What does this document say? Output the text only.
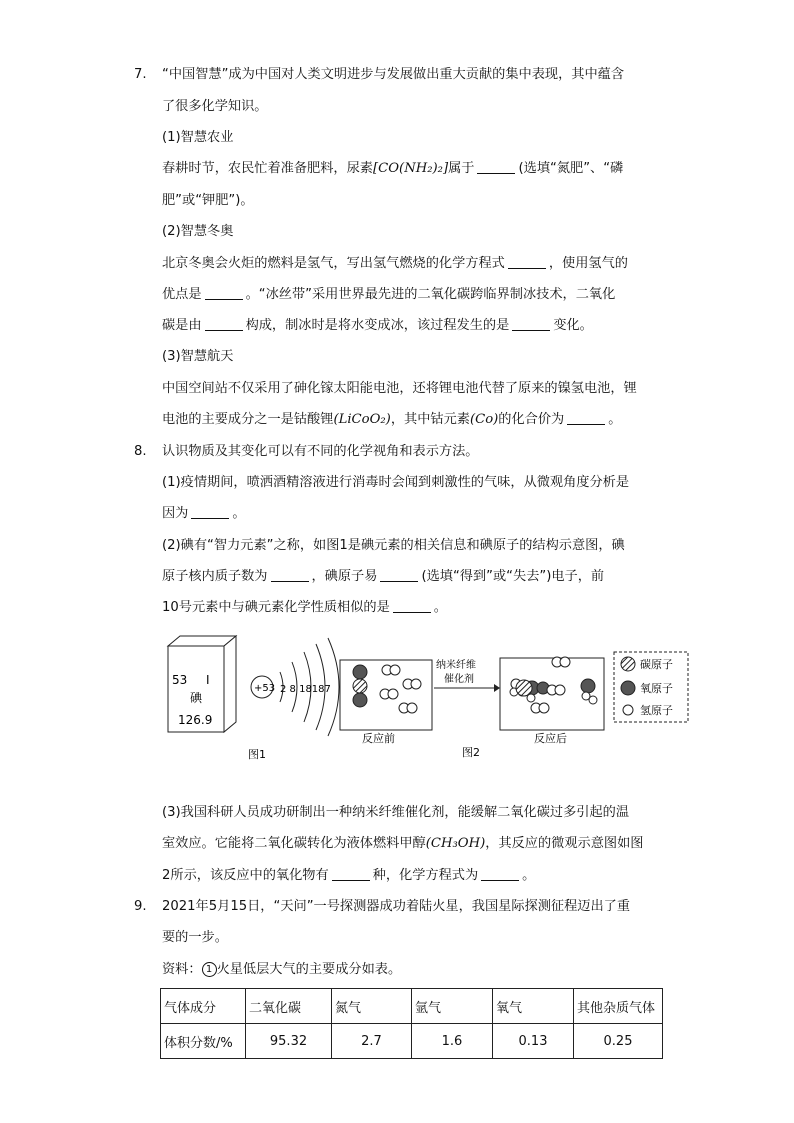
7. “中国智慧”成为中国对人类文明进步与发展做出重大贡献的集中表现，其中蕴含
了很多化学知识。
(1)智慧农业
春耕时节，农民忙着准备肥料，尿素[CO(NH₂)₂]属于	(选填“氮肥”、“磷
肥”或“钾肥”)。
(2)智慧冬奥
北京冬奥会火炬的燃料是氢气，写出氢气燃烧的化学方程式	，使用氢气的
优点是	。“冰丝带”采用世界最先进的二氧化碳跨临界制冰技术，二氧化
碳是由	构成，制冰时是将水变成冰，该过程发生的是	变化。
(3)智慧航天
中国空间站不仅采用了砷化镓太阳能电池，还将锂电池代替了原来的镍氢电池，锂
电池的主要成分之一是钴酸锂(LiCoO₂)，其中钴元素(Co)的化合价为	。
8. 认识物质及其变化可以有不同的化学视角和表示方法。
(1)疫情期间，喷洒酒精溶液进行消毒时会闻到刺激性的气味，从微观角度分析是
因为	。
(2)碘有“智力元素”之称，如图1是碘元素的相关信息和碘原子的结构示意图，碘
原子核内质子数为	，碘原子易	(选填“得到”或“失去”)电子，前
10号元素中与碘元素化学性质相似的是	。
53 I
碘
126.9
+53 2 8 18187
图1
反应前
纳米纤维
催化剂
反应后
图2
碳原子
氧原子
氢原子
(3)我国科研人员成功研制出一种纳米纤维催化剂，能缓解二氧化碳过多引起的温
室效应。它能将二氧化碳转化为液体燃料甲醇(CH₃OH)，其反应的微观示意图如图
2所示，该反应中的氧化物有	种，化学方程式为	。
9. 2021年5月15日，“天问”一号探测器成功着陆火星，我国星际探测征程迈出了重
要的一步。
资料： 1 火星低层大气的主要成分如表。
气体成分	二氧化碳	氮气	氩气	氧气	其他杂质气体
体积分数/%	95.32	2.7	1.6	0.13	0.25
